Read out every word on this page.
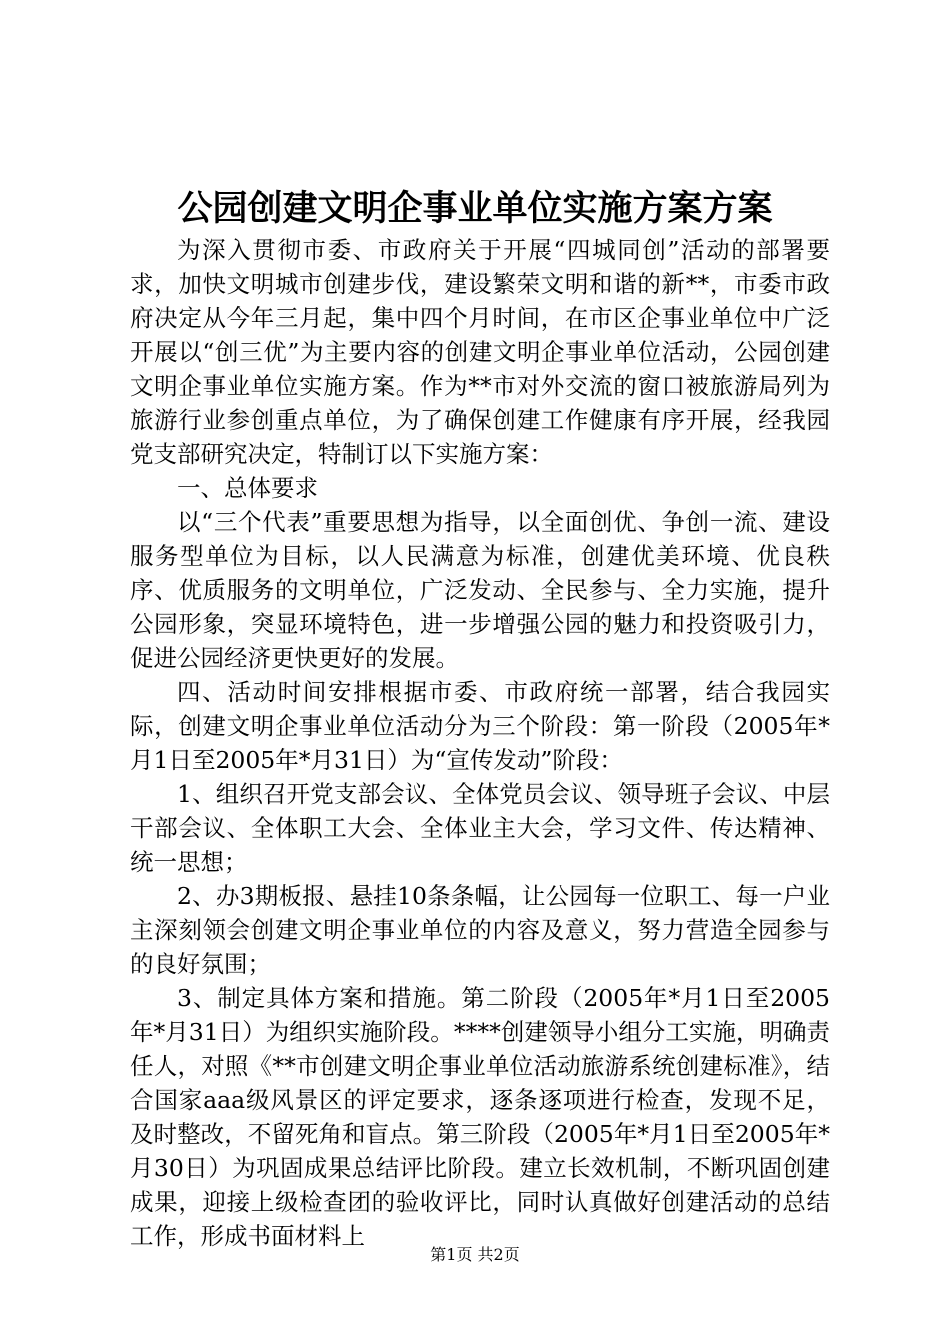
公园创建文明企事业单位实施方案方案

为深入贯彻市委、市政府关于开展“四城同创”活动的部署要求，加快文明城市创建步伐，建设繁荣文明和谐的新**，市委市政府决定从今年三月起，集中四个月时间，在市区企事业单位中广泛开展以“创三优”为主要内容的创建文明企事业单位活动，公园创建文明企事业单位实施方案。作为**市对外交流的窗口被旅游局列为旅游行业参创重点单位，为了确保创建工作健康有序开展，经我园党支部研究决定，特制订以下实施方案：

一、总体要求

以“三个代表”重要思想为指导，以全面创优、争创一流、建设服务型单位为目标，以人民满意为标准，创建优美环境、优良秩序、优质服务的文明单位，广泛发动、全民参与、全力实施，提升公园形象，突显环境特色，进一步增强公园的魅力和投资吸引力，促进公园经济更快更好的发展。

四、活动时间安排根据市委、市政府统一部署，结合我园实际，创建文明企事业单位活动分为三个阶段：第一阶段（2005年*月1日至2005年*月31日）为“宣传发动”阶段：

1、组织召开党支部会议、全体党员会议、领导班子会议、中层干部会议、全体职工大会、全体业主大会，学习文件、传达精神、统一思想；

2、办3期板报、悬挂10条条幅，让公园每一位职工、每一户业主深刻领会创建文明企事业单位的内容及意义，努力营造全园参与的良好氛围；

3、制定具体方案和措施。第二阶段（2005年*月1日至2005年*月31日）为组织实施阶段。****创建领导小组分工实施，明确责任人，对照《**市创建文明企事业单位活动旅游系统创建标准》，结合国家aaa级风景区的评定要求，逐条逐项进行检查，发现不足，及时整改，不留死角和盲点。第三阶段（2005年*月1日至2005年*月30日）为巩固成果总结评比阶段。建立长效机制，不断巩固创建成果，迎接上级检查团的验收评比，同时认真做好创建活动的总结工作，形成书面材料上

第1页 共2页
